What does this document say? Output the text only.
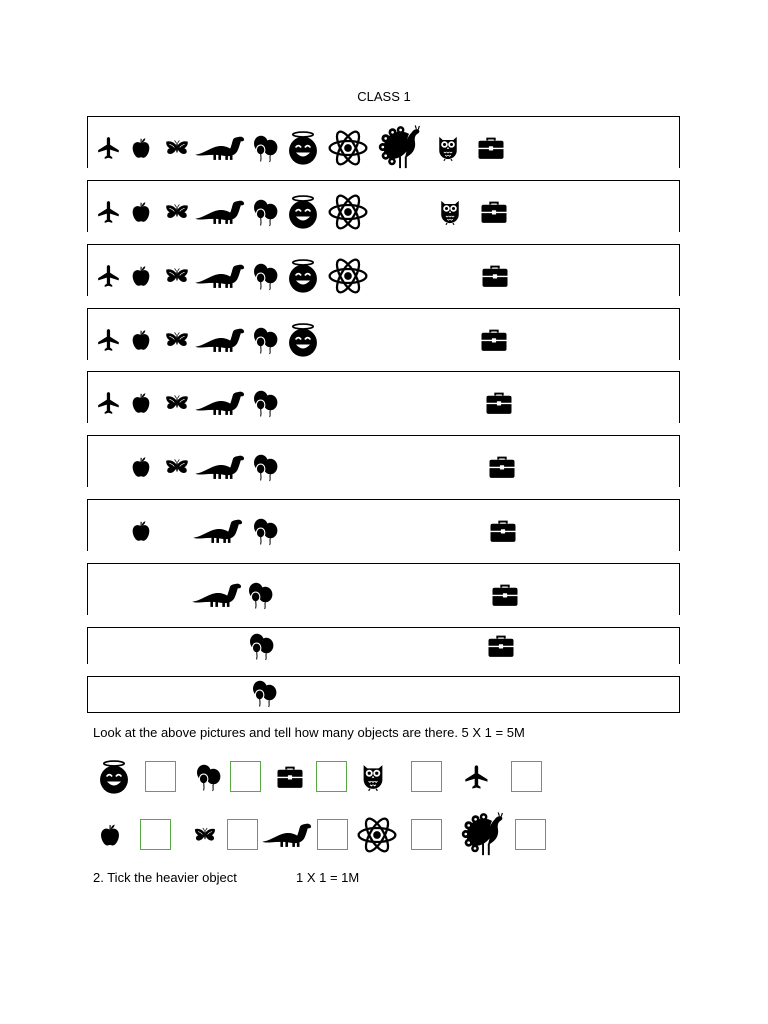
CLASS 1
Look at the above pictures and tell how many objects are there. 5 X 1 = 5M
2. Tick the heavier object	1 X 1 = 1M
